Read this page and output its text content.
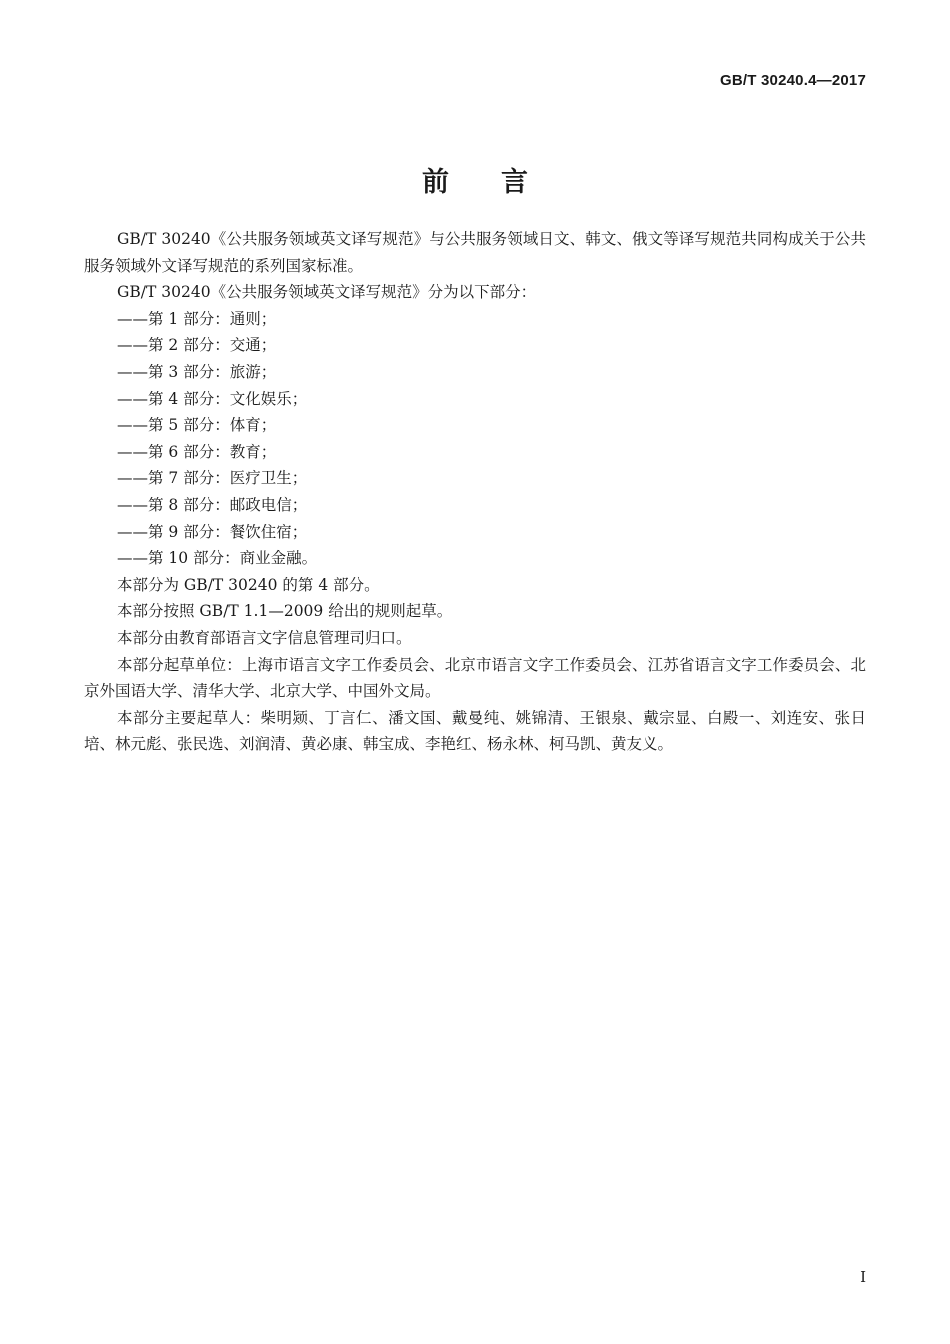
GB/T 30240.4—2017
前言

GB/T 30240《公共服务领域英文译写规范》与公共服务领域日文、韩文、俄文等译写规范共同构成关于公共服务领域外文译写规范的系列国家标准。

GB/T 30240《公共服务领域英文译写规范》分为以下部分：

——第 1 部分：通则；

——第 2 部分：交通；

——第 3 部分：旅游；

——第 4 部分：文化娱乐；

——第 5 部分：体育；

——第 6 部分：教育；

——第 7 部分：医疗卫生；

——第 8 部分：邮政电信；

——第 9 部分：餐饮住宿；

——第 10 部分：商业金融。

本部分为 GB/T 30240 的第 4 部分。

本部分按照 GB/T 1.1—2009 给出的规则起草。

本部分由教育部语言文字信息管理司归口。

本部分起草单位：上海市语言文字工作委员会、北京市语言文字工作委员会、江苏省语言文字工作委员会、北京外国语大学、清华大学、北京大学、中国外文局。

本部分主要起草人：柴明颎、丁言仁、潘文国、戴曼纯、姚锦清、王银泉、戴宗显、白殿一、刘连安、张日培、林元彪、张民选、刘润清、黄必康、韩宝成、李艳红、杨永林、柯马凯、黄友义。

I
